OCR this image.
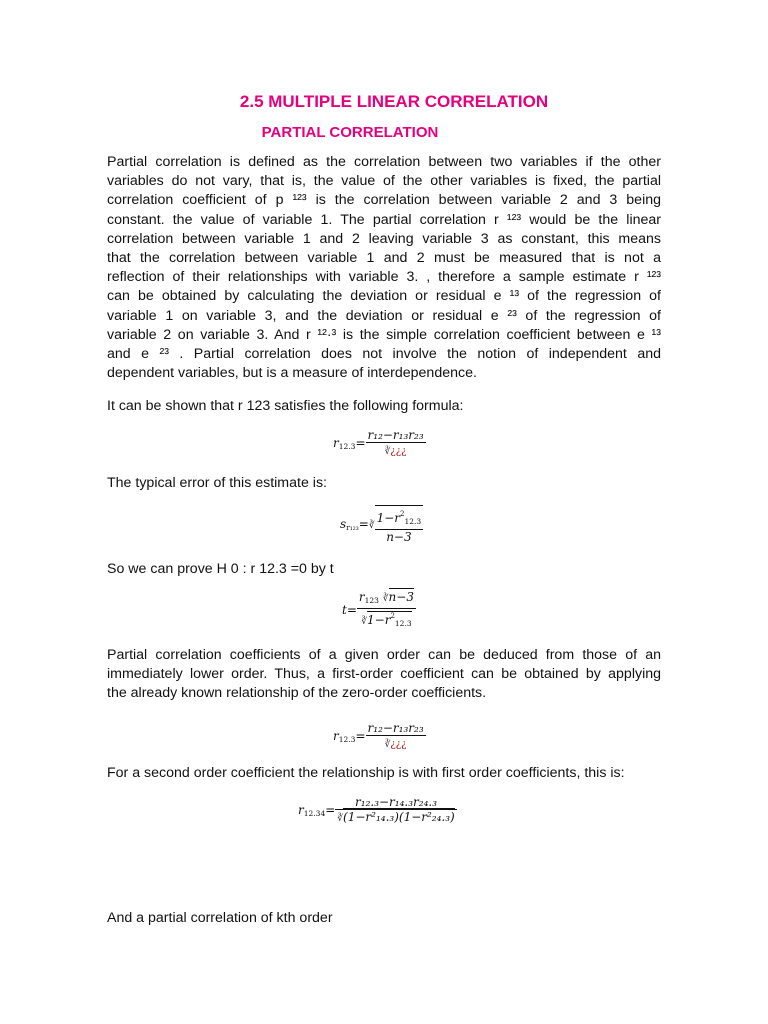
2.5 MULTIPLE LINEAR CORRELATION
PARTIAL CORRELATION
Partial correlation is defined as the correlation between two variables if the other
variables do not vary, that is, the value of the other variables is fixed, the partial
correlation coefficient of p ¹²³ is the correlation between variable 2 and 3 being
constant. the value of variable 1. The partial correlation r ¹²³ would be the linear
correlation between variable 1 and 2 leaving variable 3 as constant, this means
that the correlation between variable 1 and 2 must be measured that is not a
reflection of their relationships with variable 3. , therefore a sample estimate r ¹²³
can be obtained by calculating the deviation or residual e ¹³ of the regression of
variable 1 on variable 3, and the deviation or residual e ²³ of the regression of
variable 2 on variable 3. And r ¹²·³ is the simple correlation coefficient between e ¹³
and e ²³ . Partial correlation does not involve the notion of independent and
dependent variables, but is a measure of interdependence.
It can be shown that r 123 satisfies the following formula:
$r12.3= \frac{\text{r₁₂−r₁₃r₂₃}}{∛¿¿¿}$
The typical error of this estimate is:
sr₁₂₃=∛ $\frac{1-r^212.3}{n-3}$
So we can prove H 0 : r 12.3 =0 by t
$t= \frac{r123 ∛n-3}{∛1-r^212.3}$
Partial correlation coefficients of a given order can be deduced from those of an
immediately lower order. Thus, a first-order coefficient can be obtained by applying
the already known relationship of the zero-order coefficients.
$r12.3= \frac{\text{r₁₂−r₁₃r₂₃}}{∛¿¿¿}$
For a second order coefficient the relationship is with first order coefficients, this is:
$r12.34= \frac{\text{r₁₂.₃−r₁₄.₃r₂₄.₃}}{\text{∛(1−r²₁₄.₃)(1−r²₂₄.₃)}}$
And a partial correlation of kth order
